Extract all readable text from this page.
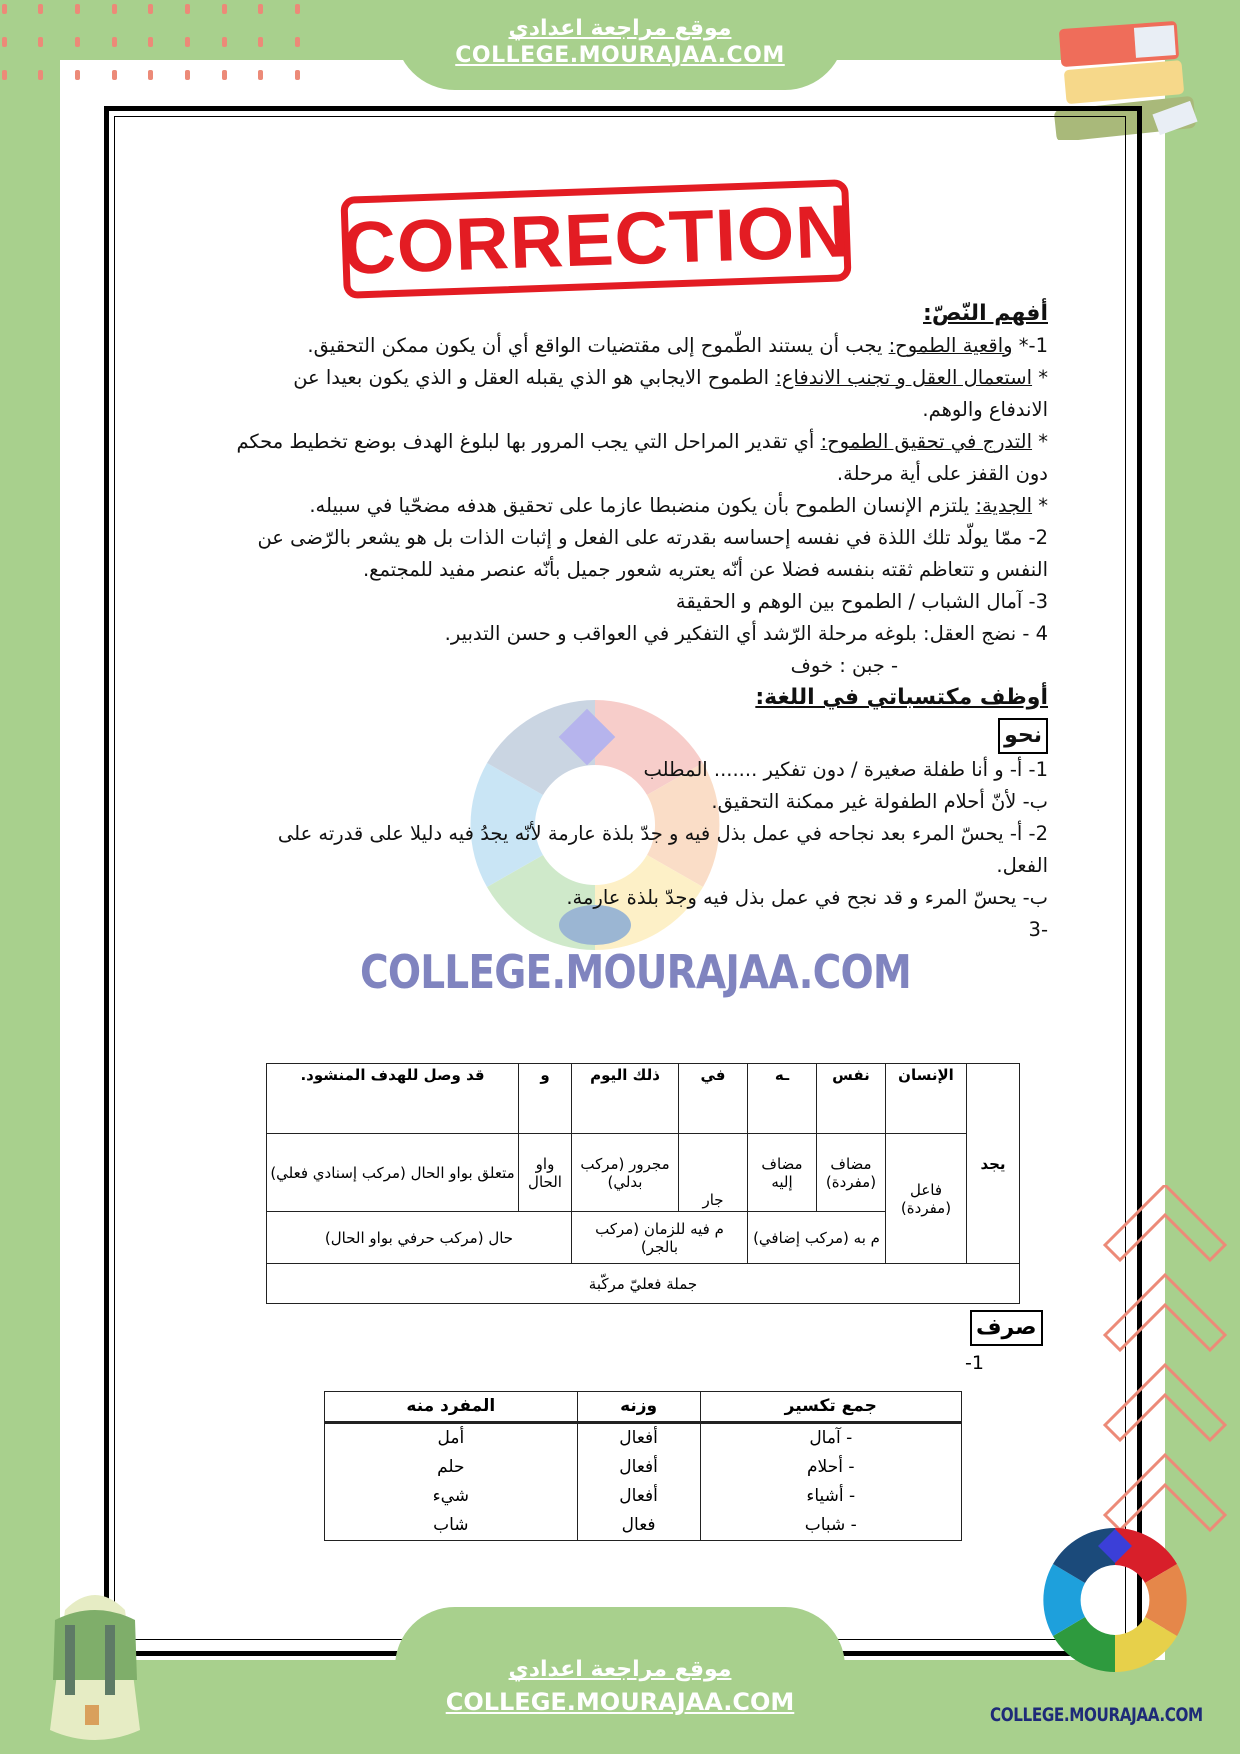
موقع مراجعة اعدادي
COLLEGE.MOURAJAA.COM
CORRECTION

أفهم النّصّ:

1-* واقعية الطموح: يجب أن يستند الطّموح إلى مقتضيات الواقع أي أن يكون ممكن التحقيق.

* استعمال العقل و تجنب الاندفاع: الطموح الايجابي هو الذي يقبله العقل و الذي يكون بعيدا عن الاندفاع والوهم.

* التدرج في تحقيق الطموح: أي تقدير المراحل التي يجب المرور بها لبلوغ الهدف بوضع تخطيط محكم دون القفز على أية مرحلة.

* الجدية: يلتزم الإنسان الطموح بأن يكون منضبطا عازما على تحقيق هدفه مضحّيا في سبيله.

2- ممّا يولّد تلك اللذة في نفسه إحساسه بقدرته على الفعل و إثبات الذات بل هو يشعر بالرّضى عن النفس و تتعاظم ثقته بنفسه فضلا عن أنّه يعتريه شعور جميل بأنّه عنصر مفيد للمجتمع.

3- آمال الشباب / الطموح بين الوهم و الحقيقة

4 - نضج العقل: بلوغه مرحلة الرّشد أي التفكير في العواقب و حسن التدبير.

- جبن : خوف

أوظف مكتسباتي في اللغة:

نحو

1- أ- و أنا طفلة صغيرة / دون تفكير ....... المطلب

ب- لأنّ أحلام الطفولة غير ممكنة التحقيق.

2- أ- يحسّ المرء بعد نجاحه في عمل بذل فيه و جدّ بلذة عارمة لأنّه يجدُ فيه دليلا على قدرته على الفعل.

ب- يحسّ المرء و قد نجح في عمل بذل فيه وجدّ بلذة عارمة.

-3

COLLEGE.MOURAJAA.COM
يجد	الإنسان	نفس	ـه	في	ذلك اليوم	و	قد وصل للهدف المنشود.
	فاعل (مفردة)	مضاف (مفردة)	مضاف إليه	جار	مجرور (مركب بدلي)	واو الحال	متعلق بواو الحال (مركب إسنادي فعلي)
		م به (مركب إضافي)		م فيه للزمان (مركب بالجر)		حال (مركب حرفي بواو الحال)	
جملة فعليّ مركّبة							
صرف
-1
جمع تكسير	وزنه	المفرد منه
- آمال	أفعال	أمل
- أحلام	أفعال	حلم
- أشياء	أفعال	شيء
- شباب	فعال	شاب
موقع مراجعة اعدادي
COLLEGE.MOURAJAA.COM	COLLEGE.MOURAJAA.COM
